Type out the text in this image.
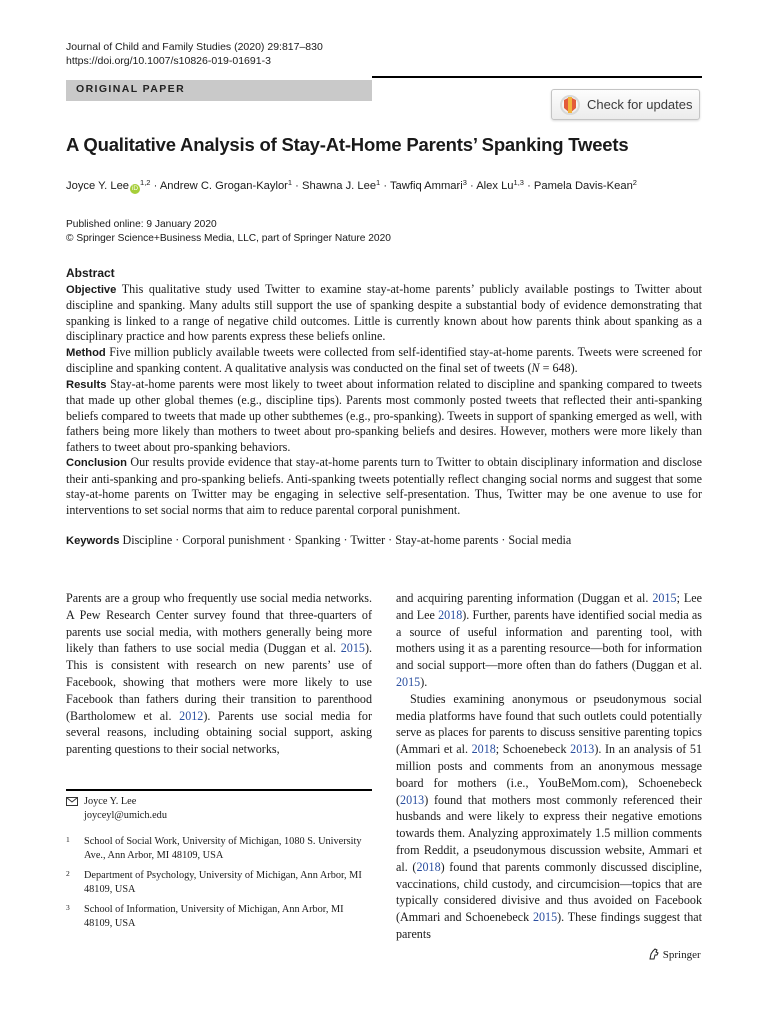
Journal of Child and Family Studies (2020) 29:817–830
https://doi.org/10.1007/s10826-019-01691-3
ORIGINAL PAPER
Check for updates
A Qualitative Analysis of Stay-At-Home Parents’ Spanking Tweets
Joyce Y. Lee iD$^{1,2}$ · Andrew C. Grogan-Kaylor$^1$ · Shawna J. Lee$^1$ · Tawfiq Ammari$^3$ · Alex Lu$^{1,3}$ · Pamela Davis-Kean$^2$
Published online: 9 January 2020
© Springer Science+Business Media, LLC, part of Springer Nature 2020
Abstract

Objective This qualitative study used Twitter to examine stay-at-home parents’ publicly available postings to Twitter about discipline and spanking. Many adults still support the use of spanking despite a substantial body of evidence demonstrating that spanking is linked to a range of negative child outcomes. Little is currently known about how parents think about spanking as a disciplinary practice and how parents express these beliefs online.

Method Five million publicly available tweets were collected from self-identified stay-at-home parents. Tweets were screened for discipline and spanking content. A qualitative analysis was conducted on the final set of tweets (N = 648).

Results Stay-at-home parents were most likely to tweet about information related to discipline and spanking compared to tweets that made up other global themes (e.g., discipline tips). Parents most commonly posted tweets that reflected their anti-spanking beliefs compared to tweets that made up other subthemes (e.g., pro-spanking). Tweets in support of spanking emerged as well, with fathers being more likely than mothers to tweet about pro-spanking beliefs and desires. However, mothers were more likely than fathers to tweet about pro-spanking behaviors.

Conclusion Our results provide evidence that stay-at-home parents turn to Twitter to obtain disciplinary information and disclose their anti-spanking and pro-spanking beliefs. Anti-spanking tweets potentially reflect changing social norms and suggest that some stay-at-home parents on Twitter may be engaging in selective self-presentation. Thus, Twitter may be one avenue to use for interventions to set social norms that aim to reduce parental corporal punishment.

Keywords Discipline · Corporal punishment · Spanking · Twitter · Stay-at-home parents · Social media

Parents are a group who frequently use social media networks. A Pew Research Center survey found that three-quarters of parents use social media, with mothers generally being more likely than fathers to use social media (Duggan et al. 2015). This is consistent with research on new parents’ use of Facebook, showing that mothers were more likely to use Facebook than fathers during their transition to parenthood (Bartholomew et al. 2012). Parents use social media for several reasons, including obtaining social support, asking parenting questions to their social networks,

and acquiring parenting information (Duggan et al. 2015; Lee and Lee 2018). Further, parents have identified social media as a source of useful information and parenting tool, with mothers using it as a parenting resource—both for information and social support—more often than do fathers (Duggan et al. 2015).

Studies examining anonymous or pseudonymous social media platforms have found that such outlets could potentially serve as places for parents to discuss sensitive parenting topics (Ammari et al. 2018; Schoenebeck 2013). In an analysis of 51 million posts and comments from an anonymous message board for mothers (i.e., YouBeMom.com), Schoenebeck (2013) found that mothers most commonly referenced their husbands and were likely to express their negative emotions towards them. Analyzing approximately 1.5 million comments from Reddit, a pseudonymous discussion website, Ammari et al. (2018) found that parents commonly discussed discipline, vaccinations, child custody, and circumcision—topics that are typically considered divisive and thus avoided on Facebook (Ammari and Schoenebeck 2015). These findings suggest that parents

Joyce Y. Lee
joyceyl@umich.edu
1 School of Social Work, University of Michigan, 1080 S. University Ave., Ann Arbor, MI 48109, USA
2 Department of Psychology, University of Michigan, Ann Arbor, MI 48109, USA
3 School of Information, University of Michigan, Ann Arbor, MI 48109, USA
Springer
